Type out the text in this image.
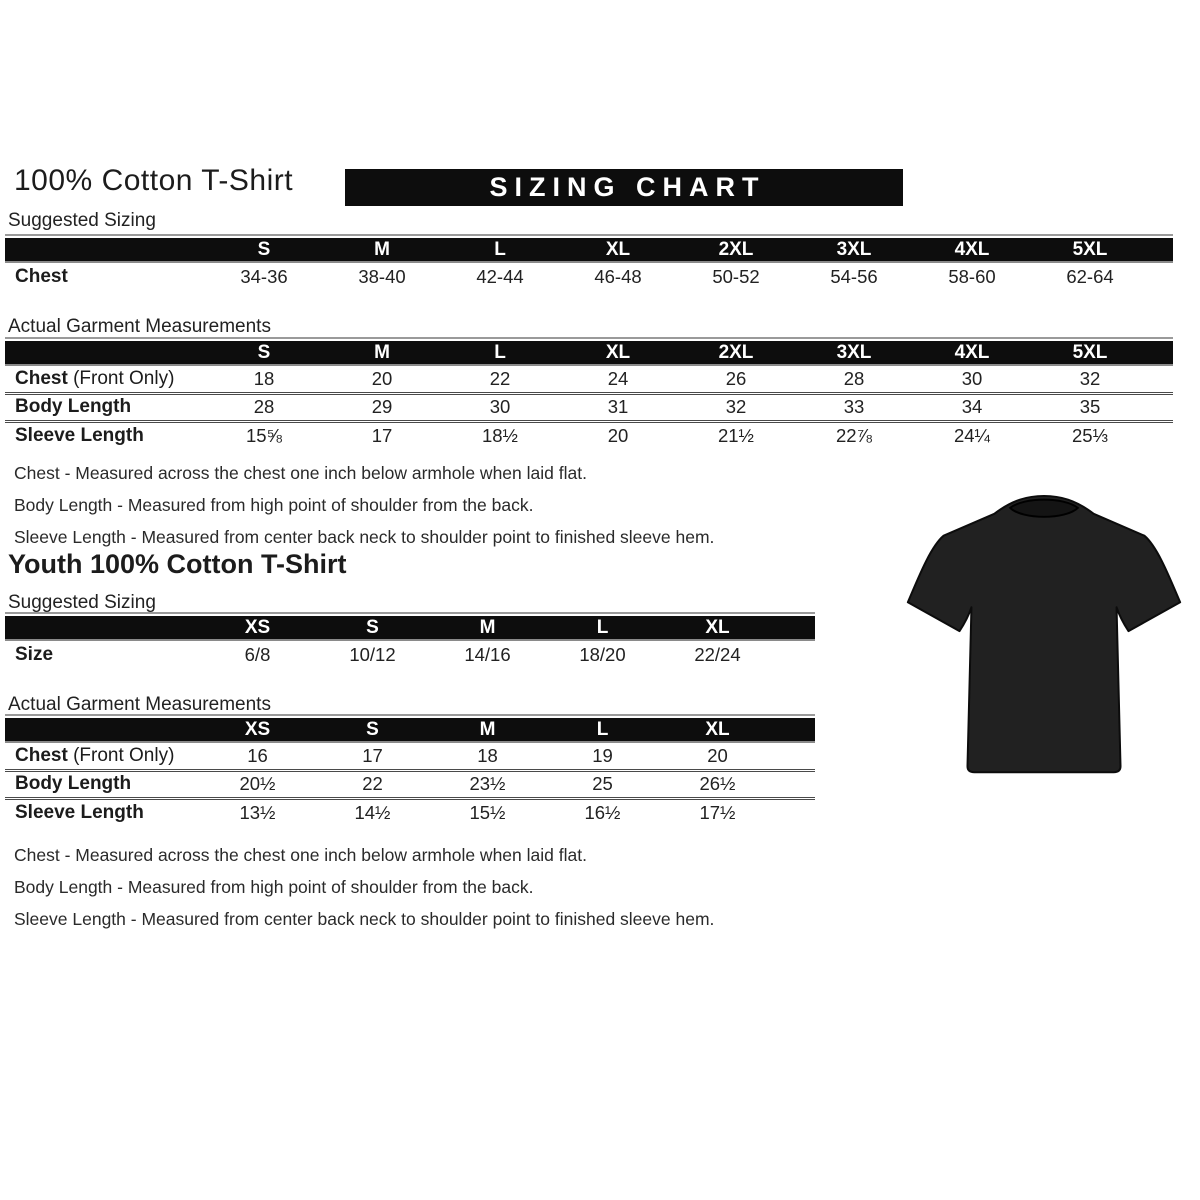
100% Cotton T-Shirt	SIZING CHART
Suggested Sizing
	S	M	L	XL	2XL	3XL	4XL	5XL	
Chest	34-36	38-40	42-44	46-48	50-52	54-56	58-60	62-64	
Actual Garment Measurements
	S	M	L	XL	2XL	3XL	4XL	5XL	
Chest (Front Only)	18	20	22	24	26	28	30	32	
Body Length	28	29	30	31	32	33	34	35	
Sleeve Length	15⅝	17	18½	20	21½	22⅞	24¼	25⅓	
Chest - Measured across the chest one inch below armhole when laid flat.
Body Length - Measured from high point of shoulder from the back.
Sleeve Length - Measured from center back neck to shoulder point to finished sleeve hem.
Youth 100% Cotton T-Shirt
Suggested Sizing
	XS	S	M	L	XL	
Size	6/8	10/12	14/16	18/20	22/24	
Actual Garment Measurements
	XS	S	M	L	XL	
Chest (Front Only)	16	17	18	19	20	
Body Length	20½	22	23½	25	26½	
Sleeve Length	13½	14½	15½	16½	17½	
Chest - Measured across the chest one inch below armhole when laid flat.
Body Length - Measured from high point of shoulder from the back.
Sleeve Length - Measured from center back neck to shoulder point to finished sleeve hem.
